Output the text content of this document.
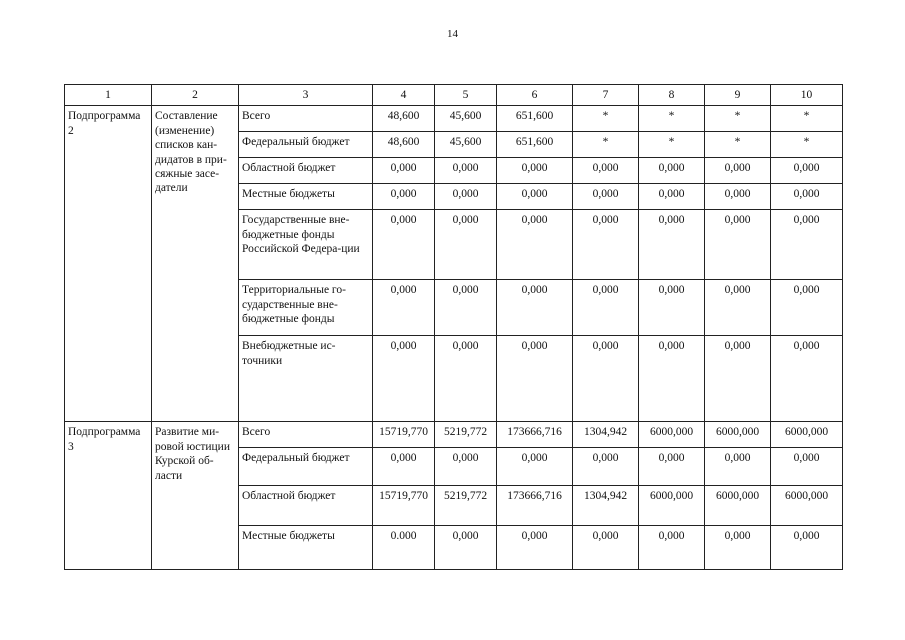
14
1	2	3	4	5	6	7	8	9	10
Подпрограмма 2	Составление (изменение) списков кан-дидатов в при-сяжные засе-датели	Всего	48,600	45,600	651,600	*	*	*	*
		Федеральный бюджет	48,600	45,600	651,600	*	*	*	*
		Областной бюджет	0,000	0,000	0,000	0,000	0,000	0,000	0,000
		Местные бюджеты	0,000	0,000	0,000	0,000	0,000	0,000	0,000
		Государственные вне-бюджетные фонды Российской Федера-ции	0,000	0,000	0,000	0,000	0,000	0,000	0,000
		Территориальные го-сударственные вне-бюджетные фонды	0,000	0,000	0,000	0,000	0,000	0,000	0,000
		Внебюджетные ис-точники	0,000	0,000	0,000	0,000	0,000	0,000	0,000
Подпрограмма 3	Развитие ми-ровой юстиции Курской об-ласти	Всего	15719,770	5219,772	173666,716	1304,942	6000,000	6000,000	6000,000
		Федеральный бюджет	0,000	0,000	0,000	0,000	0,000	0,000	0,000
		Областной бюджет	15719,770	5219,772	173666,716	1304,942	6000,000	6000,000	6000,000
		Местные бюджеты	0.000	0,000	0,000	0,000	0,000	0,000	0,000
